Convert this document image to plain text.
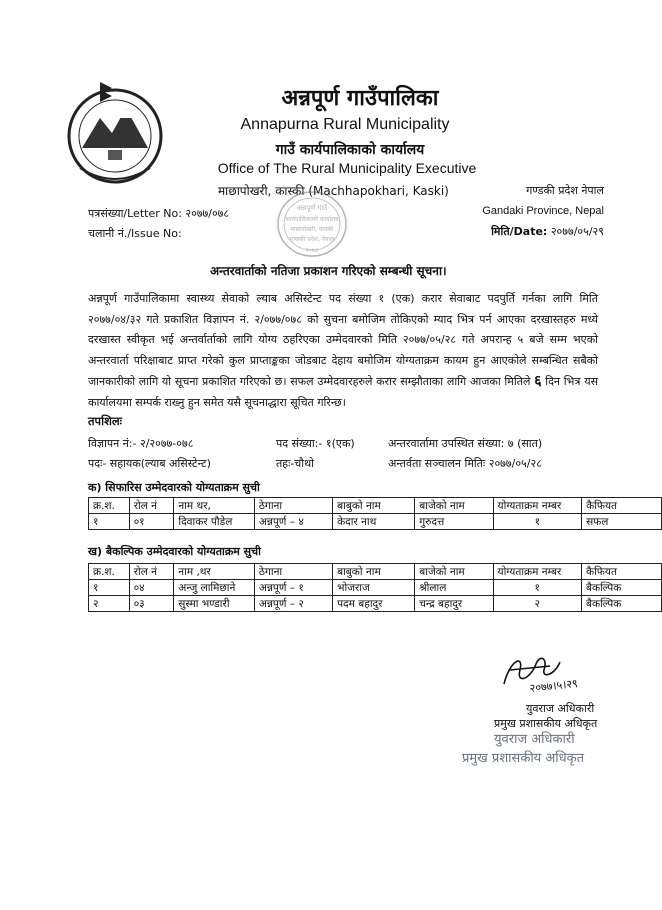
अन्नपूर्ण गाउँपालिका
Annapurna Rural Municipality
गाउँ कार्यपालिकाको कार्यालय
Office of The Rural Municipality Executive
माछापोखरी, कास्की (Machhapokhari, Kaski)	गण्डकी प्रदेश नेपाल
Gandaki Province, Nepal
मिति/Date: २०७७/०५/२९
पत्रसंख्या/Letter No: २०७७/०७८
चलानी नं./Issue No:
अन्नपूर्ण गाउँ
कार्यपालिकाको कार्यालय
माछापोखरी, कास्की
गण्डकी प्रदेश, नेपाल
२०७३
अन्तरवार्ताको नतिजा प्रकाशन गरिएको सम्बन्धी सूचना।
अन्नपूर्ण गाउँपालिकामा स्वास्थ्य सेवाको ल्याब असिस्टेन्ट पद संख्या १ (एक) करार सेवाबाट पदपुर्ति गर्नका लागि मिति २०७७/०४/३२ गते प्रकाशित विज्ञापन नं. २/०७७/०७८ को सुचना बमोजिम तोकिएको म्याद भित्र पर्न आएका दरखास्तहरु मध्ये दरखास्त स्वीकृत भई अन्तर्वार्ताको लागि योग्य ठहरिएका उम्मेदवारको मिति २०७७/०५/२८ गते अपरान्ह ५ बजे सम्म भएको अन्तरवार्ता परिक्षाबाट प्राप्त गरेको कुल प्राप्ताङ्कका जोडबाट देहाय बमोजिम योग्यताक्रम कायम हुन आएकोले सम्बन्धित सबैको जानकारीको लागि यो सूचना प्रकाशित गरिएको छ। सफल उम्मेदवारहरुले करार सम्झौताका लागि आजका मितिले ६ दिन भित्र यस कार्यालयमा सम्पर्क राख्नु हुन समेत यसै सूचनाद्धारा सूचित गरिन्छ।
तपशिलः
विज्ञापन नं:- २/२०७७-०७८	पद संख्या:- १(एक)	अन्तरवार्तामा उपस्थित संख्या: ७ (सात)
पदः- सहायक(ल्याब असिस्टेन्ट)	तहः-चौथो	अन्तर्वता सञ्चालन मितिः २०७७/०५/२८
क) सिफारिस उम्मेदवारको योग्यताक्रम सुची
क्र.श.	रोल नं	नाम थर,	ठेगाना	बाबुको नाम	बाजेको नाम	योग्यताक्रम नम्बर	कैफियत
१	०१	दिवाकर पौडेल	अन्नपूर्ण – ४	केदार नाथ	गुरुदत्त	१	सफल
ख) बैकल्पिक उम्मेदवारको योग्यताक्रम सुची
क्र.श.	रोल नं	नाम ,थर	ठेगाना	बाबुको नाम	बाजेको नाम	योग्यताक्रम नम्बर	कैफियत
१	०४	अन्जु लामिछाने	अन्नपूर्ण – १	भोजराज	श्रीलाल	१	बैकल्पिक
२	०३	सुस्मा भण्डारी	अन्नपूर्ण – २	पदम बहादुर	चन्द्र बहादुर	२	बैकल्पिक
२०७७।५।२९
युवराज अधिकारी
प्रमुख प्रशासकीय अधिकृत
युवराज अधिकारी
प्रमुख प्रशासकीय अधिकृत
